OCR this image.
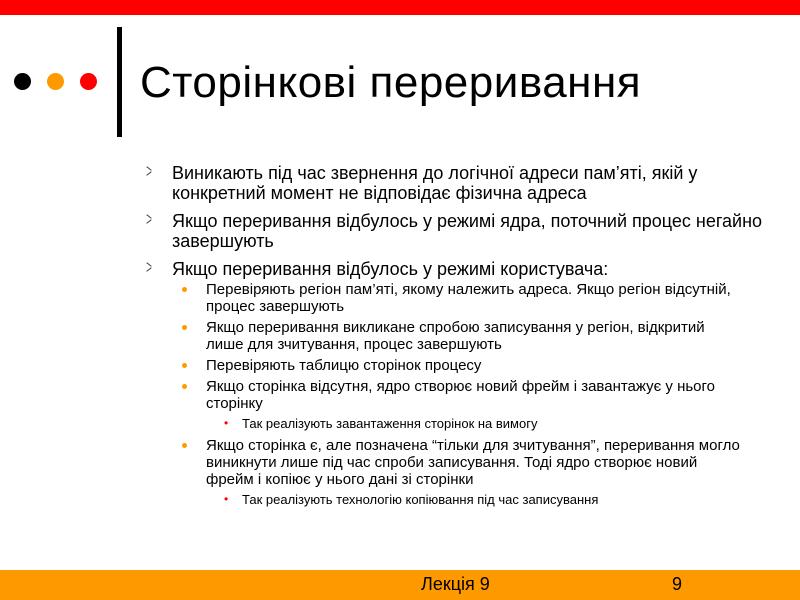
Сторінкові переривання
Виникають під час звернення до логічної адреси пам’яті, якій у конкретний момент не відповідає фізична адреса
Якщо переривання відбулось у режимі ядра, поточний процес негайно завершують
Якщо переривання відбулось у режимі користувача:
Перевіряють регіон пам’яті, якому належить адреса. Якщо регіон відсутній, процес завершують
Якщо переривання викликане спробою записування у регіон, відкритий лише для зчитування, процес завершують
Перевіряють таблицю сторінок процесу
Якщо сторінка відсутня, ядро створює новий фрейм і завантажує у нього сторінку
• Так реалізують завантаження сторінок на вимогу
Якщо сторінка є, але позначена “тільки для зчитування”, переривання могло виникнути лише під час спроби записування. Тоді ядро створює новий фрейм і копіює у нього дані зі сторінки
• Так реалізують технологію копіювання під час записування
Лекція 9	9
